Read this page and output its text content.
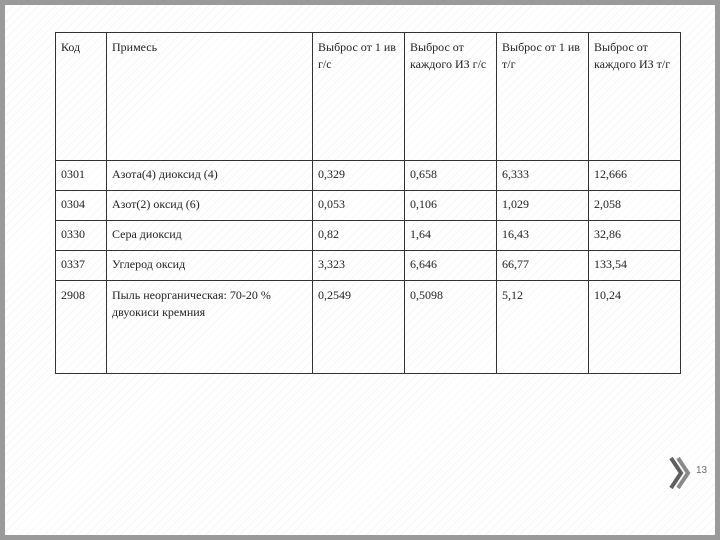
Код	Примесь	Выброс от 1 ив г/с	Выброс от каждого ИЗ г/с	Выброс от 1 ив т/г	Выброс от каждого ИЗ т/г
0301	Азота(4) диоксид (4)	0,329	0,658	6,333	12,666
0304	Азот(2) оксид (6)	0,053	0,106	1,029	2,058
0330	Сера диоксид	0,82	1,64	16,43	32,86
0337	Углерод оксид	3,323	6,646	66,77	133,54
2908	Пыль неорганическая: 70-20 % двуокиси кремния	0,2549	0,5098	5,12	10,24
13
